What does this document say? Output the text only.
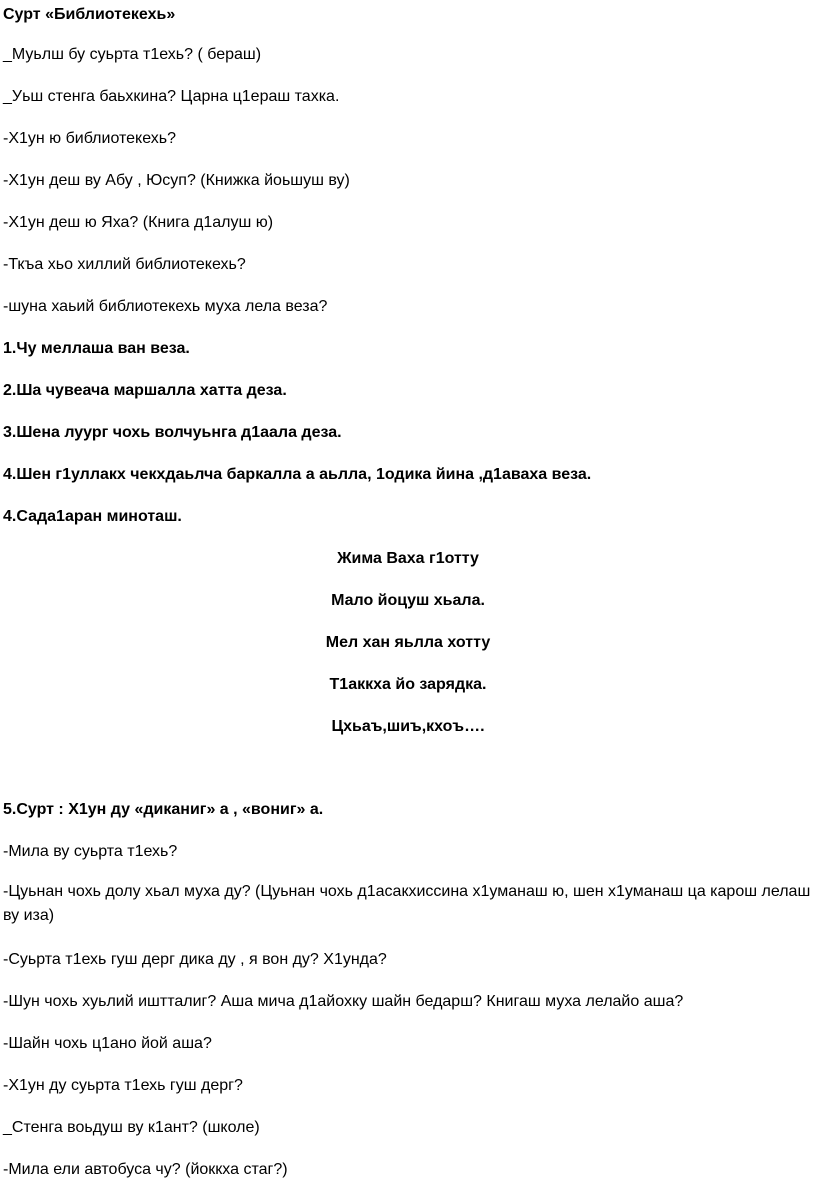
Сурт «Библиотекехь»
_Муьлш бу суьрта т1ехь? ( бераш)
_Уьш стенга баьхкина? Царна ц1ераш тахка.
-Х1ун ю библиотекехь?
-Х1ун деш ву Абу , Юсуп? (Книжка йоьшуш ву)
-Х1ун деш ю Яха? (Книга д1алуш ю)
-Ткъа хьо хиллий библиотекехь?
-шуна хаьий библиотекехь муха лела веза?
1.Чу меллаша ван веза.
2.Ша чувеача маршалла хатта деза.
3.Шена луург чохь волчуьнга д1аала деза.
4.Шен г1уллакх чекхдаьлча баркалла а аьлла, 1одика йина ,д1аваха веза.
4.Сада1аран миноташ.
Жима Ваха г1отту
Мало йоцуш хьала.
Мел хан яьлла хотту
Т1аккха йо зарядка.
Цхьаъ,шиъ,кхоъ….
5.Сурт : Х1ун ду «диканиг» а , «вониг» а.
-Мила ву суьрта т1ехь?
-Цуьнан чохь долу хьал муха ду? (Цуьнан чохь д1асакхиссина х1уманаш ю, шен х1уманаш ца карош лелаш ву иза)
-Суьрта т1ехь гуш дерг дика ду , я вон ду? Х1унда?
-Шун чохь хуьлий иштталиг? Аша мича д1айохку шайн бедарш? Книгаш муха лелайо аша?
-Шайн чохь ц1ано йой аша?
-Х1ун ду суьрта т1ехь гуш дерг?
_Стенга воьдуш ву к1ант? (школе)
-Мила ели автобуса чу? (йоккха стаг?)
